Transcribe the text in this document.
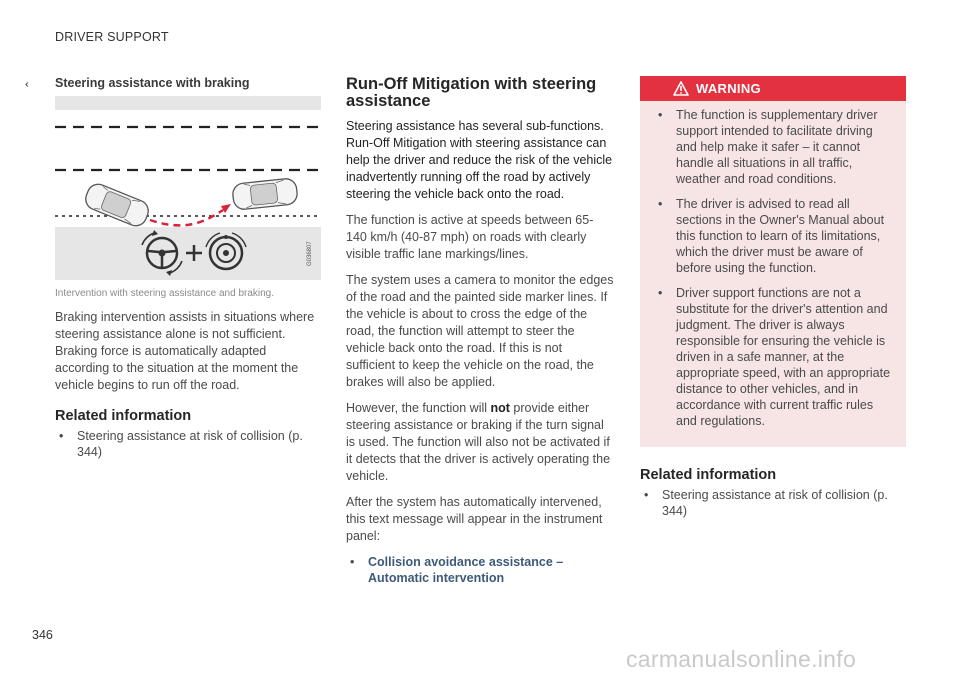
DRIVER SUPPORT
‹‹ Steering assistance with braking
G036807
Intervention with steering assistance and braking.

Braking intervention assists in situations where steering assistance alone is not sufficient. Braking force is automatically adapted according to the situation at the moment the vehicle begins to run off the road.

Related information
• Steering assistance at risk of collision (p. 344)
Run-Off Mitigation with steering assistance

Steering assistance has several sub-functions. Run-Off Mitigation with steering assistance can help the driver and reduce the risk of the vehicle inadvertently running off the road by actively steering the vehicle back onto the road.

The function is active at speeds between 65-140 km/h (40-87 mph) on roads with clearly visible traffic lane markings/lines.

The system uses a camera to monitor the edges of the road and the painted side marker lines. If the vehicle is about to cross the edge of the road, the function will attempt to steer the vehicle back onto the road. If this is not sufficient to keep the vehicle on the road, the brakes will also be applied.

However, the function will not provide either steering assistance or braking if the turn signal is used. The function will also not be activated if it detects that the driver is actively operating the vehicle.

After the system has automatically intervened, this text message will appear in the instrument panel:

• Collision avoidance assistance – Automatic intervention
WARNING
• The function is supplementary driver support intended to facilitate driving and help make it safer – it cannot handle all situations in all traffic, weather and road conditions.
• The driver is advised to read all sections in the Owner's Manual about this function to learn of its limitations, which the driver must be aware of before using the function.
• Driver support functions are not a substitute for the driver's attention and judgment. The driver is always responsible for ensuring the vehicle is driven in a safe manner, at the appropriate speed, with an appropriate distance to other vehicles, and in accordance with current traffic rules and regulations.
Related information
• Steering assistance at risk of collision (p. 344)
346
carmanualsonline.info
